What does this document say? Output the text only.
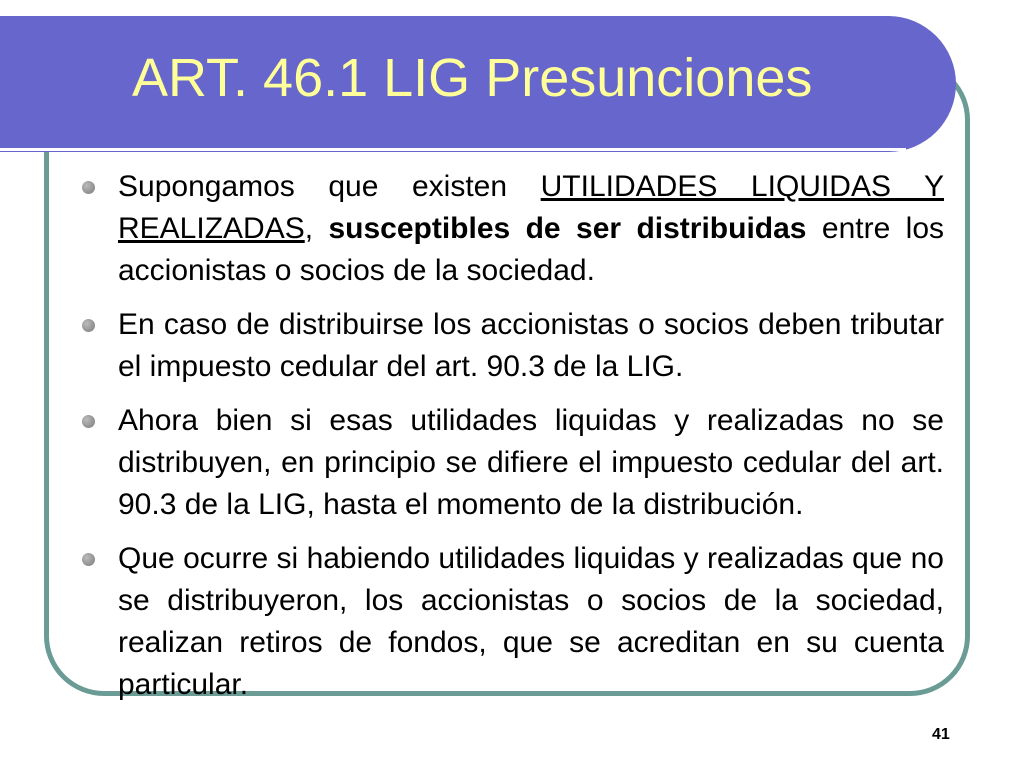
ART. 46.1 LIG Presunciones
Supongamos que existen UTILIDADES LIQUIDAS Y REALIZADAS, susceptibles de ser distribuidas entre los accionistas o socios de la sociedad.
En caso de distribuirse los accionistas o socios deben tributar el impuesto cedular del art. 90.3 de la LIG.
Ahora bien si esas utilidades liquidas y realizadas no se distribuyen, en principio se difiere el impuesto cedular del art. 90.3 de la LIG, hasta el momento de la distribución.
Que ocurre si habiendo utilidades liquidas y realizadas que no se distribuyeron, los accionistas o socios de la sociedad, realizan retiros de fondos, que se acreditan en su cuenta particular.
41
